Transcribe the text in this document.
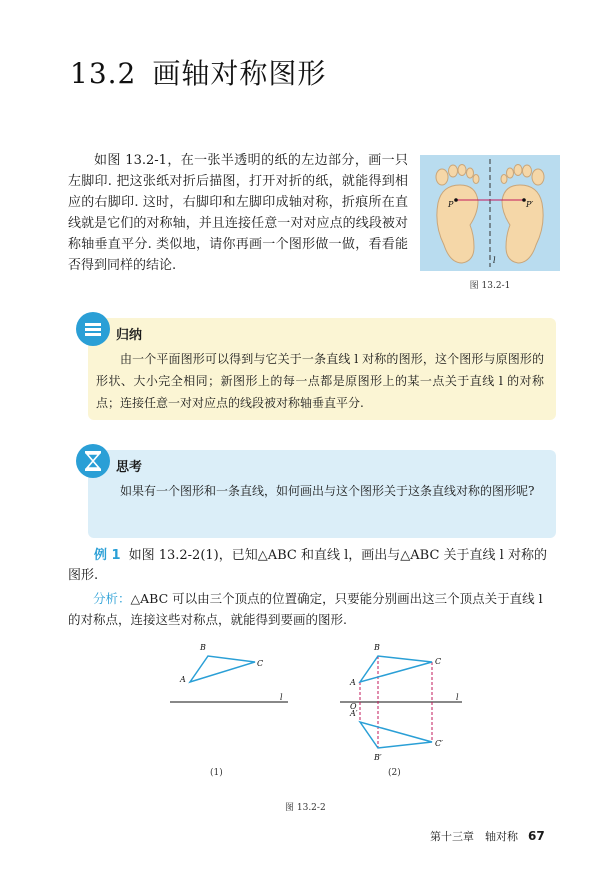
13.2 画轴对称图形

如图 13.2-1，在一张半透明的纸的左边部分，画一只左脚印. 把这张纸对折后描图，打开对折的纸，就能得到相应的右脚印. 这时，右脚印和左脚印成轴对称，折痕所在直线就是它们的对称轴，并且连接任意一对对应点的线段被对称轴垂直平分. 类似地，请你再画一个图形做一做，看看能否得到同样的结论.

P	P′
l
图 13.2-1
归纳

由一个平面图形可以得到与它关于一条直线 l 对称的图形，这个图形与原图形的形状、大小完全相同；新图形上的每一点都是原图形上的某一点关于直线 l 的对称点；连接任意一对对应点的线段被对称轴垂直平分.

思考

如果有一个图形和一条直线，如何画出与这个图形关于这条直线对称的图形呢?

例 1 如图 13.2-2(1)，已知△ABC 和直线 l，画出与△ABC 关于直线 l 对称的图形.

分析：△ABC 可以由三个顶点的位置确定，只要能分别画出这三个顶点关于直线 l 的对称点，连接这些对称点，就能得到要画的图形.

A
B
C
l
A
B
C
A′
B′
C′
O
l
(1)	(2)
图 13.2-2
第十三章　轴对称 67
